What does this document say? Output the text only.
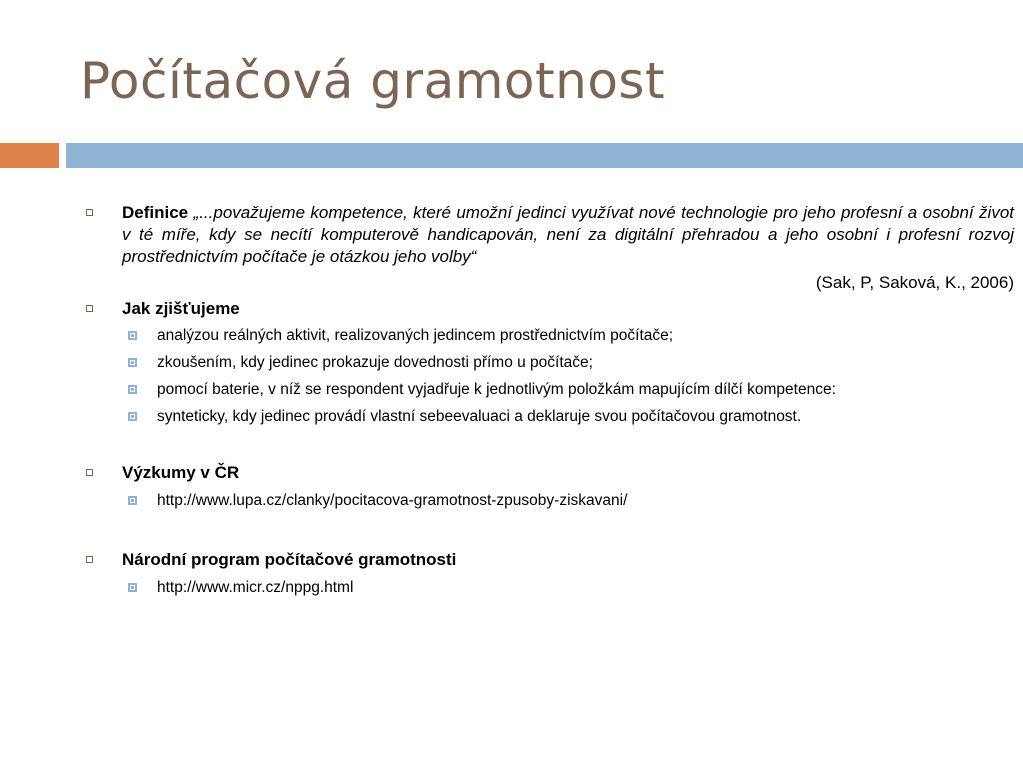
Počítačová gramotnost
Definice „...považujeme kompetence, které umožní jedinci využívat nové technologie pro jeho profesní a osobní život v té míře, kdy se necítí komputerově handicapován, není za digitální přehradou a jeho osobní i profesní rozvoj prostřednictvím počítače je otázkou jeho volby“
(Sak, P, Saková, K., 2006)
Jak zjišťujeme
analýzou reálných aktivit, realizovaných jedincem prostřednictvím počítače;
zkoušením, kdy jedinec prokazuje dovednosti přímo u počítače;
pomocí baterie, v níž se respondent vyjadřuje k jednotlivým položkám mapujícím dílčí kompetence:
synteticky, kdy jedinec provádí vlastní sebeevaluaci a deklaruje svou počítačovou gramotnost.
Výzkumy v ČR
http://www.lupa.cz/clanky/pocitacova-gramotnost-zpusoby-ziskavani/
Národní program počítačové gramotnosti
http://www.micr.cz/nppg.html
